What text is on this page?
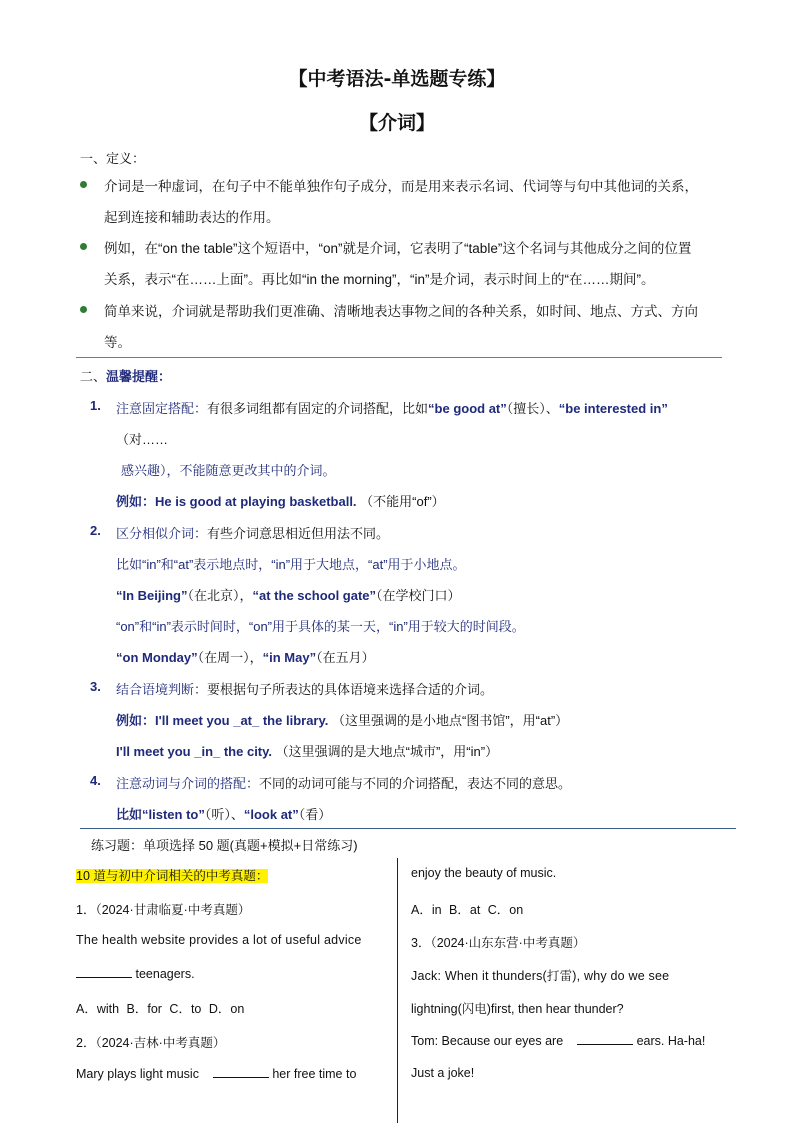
【中考语法-单选题专练】
【介词】
一、定义：
介词是一种虚词，在句子中不能单独作句子成分，而是用来表示名词、代词等与句中其他词的关系，
起到连接和辅助表达的作用。
例如，在“on the table”这个短语中，“on”就是介词，它表明了“table”这个名词与其他成分之间的位置
关系，表示“在……上面”。再比如“in the morning”，“in”是介词，表示时间上的“在……期间”。
简单来说，介词就是帮助我们更准确、清晰地表达事物之间的各种关系，如时间、地点、方式、方向
等。
二、温馨提醒：
1. 注意固定搭配：有很多词组都有固定的介词搭配，比如“be good at”（擅长）、“be interested in”
（对……
感兴趣），不能随意更改其中的介词。
例如：He is good at playing basketball. （不能用“of”）
2. 区分相似介词：有些介词意思相近但用法不同。
比如“in”和“at”表示地点时，“in”用于大地点，“at”用于小地点。
“In Beijing”（在北京），“at the school gate”（在学校门口）
“on”和“in”表示时间时，“on”用于具体的某一天，“in”用于较大的时间段。
“on Monday”（在周一），“in May”（在五月）
3. 结合语境判断：要根据句子所表达的具体语境来选择合适的介词。
例如：I'll meet you _at_ the library. （这里强调的是小地点“图书馆”，用“at”）
I'll meet you _in_ the city. （这里强调的是大地点“城市”，用“in”）
4. 注意动词与介词的搭配：不同的动词可能与不同的介词搭配，表达不同的意思。
比如“listen to”（听）、“look at”（看）
练习题：单项选择 50 题(真题+模拟+日常练习)
10 道与初中介词相关的中考真题：
1．（2024·甘肃临夏·中考真题）
The health website provides a lot of useful advice
teenagers.
A．with B．for C．to D．on
2．（2024·吉林·中考真题）
Mary plays light music	her free time to
enjoy the beauty of music.
A．in B．at C．on
3．（2024·山东东营·中考真题）
Jack: When it thunders(打雷), why do we see
lightning(闪电)first, then hear thunder?
Tom: Because our eyes are	ears. Ha-ha!
Just a joke!
